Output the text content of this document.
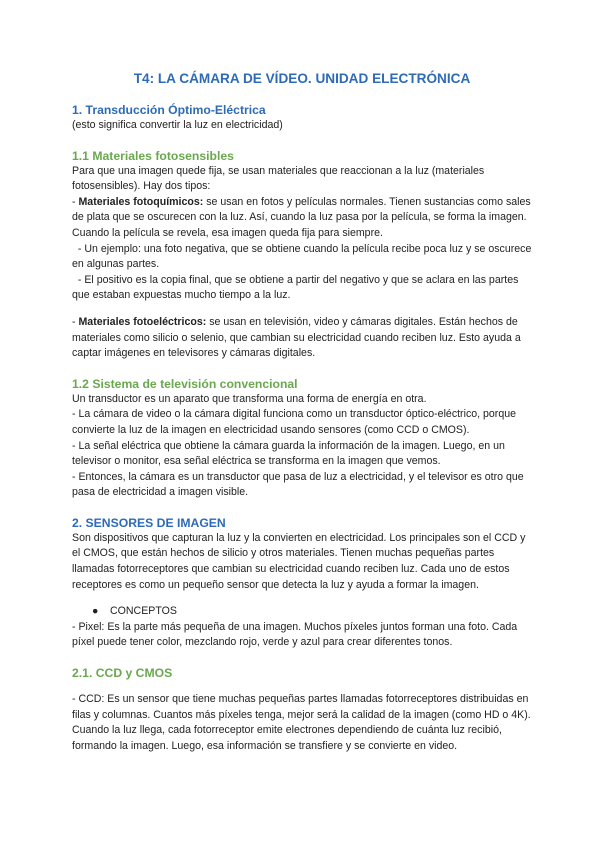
T4: LA CÁMARA DE VÍDEO. UNIDAD ELECTRÓNICA
1. Transducción Óptimo-Eléctrica

(esto significa convertir la luz en electricidad)

1.1 Materiales fotosensibles

Para que una imagen quede fija, se usan materiales que reaccionan a la luz (materiales fotosensibles). Hay dos tipos:

- Materiales fotoquímicos: se usan en fotos y películas normales. Tienen sustancias como sales de plata que se oscurecen con la luz. Así, cuando la luz pasa por la película, se forma la imagen. Cuando la película se revela, esa imagen queda fija para siempre.

- Un ejemplo: una foto negativa, que se obtiene cuando la película recibe poca luz y se oscurece en algunas partes.

- El positivo es la copia final, que se obtiene a partir del negativo y que se aclara en las partes que estaban expuestas mucho tiempo a la luz.

- Materiales fotoeléctricos: se usan en televisión, video y cámaras digitales. Están hechos de materiales como silicio o selenio, que cambian su electricidad cuando reciben luz. Esto ayuda a captar imágenes en televisores y cámaras digitales.

1.2 Sistema de televisión convencional

Un transductor es un aparato que transforma una forma de energía en otra.

- La cámara de video o la cámara digital funciona como un transductor óptico-eléctrico, porque convierte la luz de la imagen en electricidad usando sensores (como CCD o CMOS).

- La señal eléctrica que obtiene la cámara guarda la información de la imagen. Luego, en un televisor o monitor, esa señal eléctrica se transforma en la imagen que vemos.

- Entonces, la cámara es un transductor que pasa de luz a electricidad, y el televisor es otro que pasa de electricidad a imagen visible.

2. SENSORES DE IMAGEN

Son dispositivos que capturan la luz y la convierten en electricidad. Los principales son el CCD y el CMOS, que están hechos de silicio y otros materiales. Tienen muchas pequeñas partes llamadas fotorreceptores que cambian su electricidad cuando reciben luz. Cada uno de estos receptores es como un pequeño sensor que detecta la luz y ayuda a formar la imagen.

● CONCEPTOS

- Pixel: Es la parte más pequeña de una imagen. Muchos píxeles juntos forman una foto. Cada píxel puede tener color, mezclando rojo, verde y azul para crear diferentes tonos.

2.1. CCD y CMOS

- CCD: Es un sensor que tiene muchas pequeñas partes llamadas fotorreceptores distribuidas en filas y columnas. Cuantos más píxeles tenga, mejor será la calidad de la imagen (como HD o 4K). Cuando la luz llega, cada fotorreceptor emite electrones dependiendo de cuánta luz recibió, formando la imagen. Luego, esa información se transfiere y se convierte en video.
